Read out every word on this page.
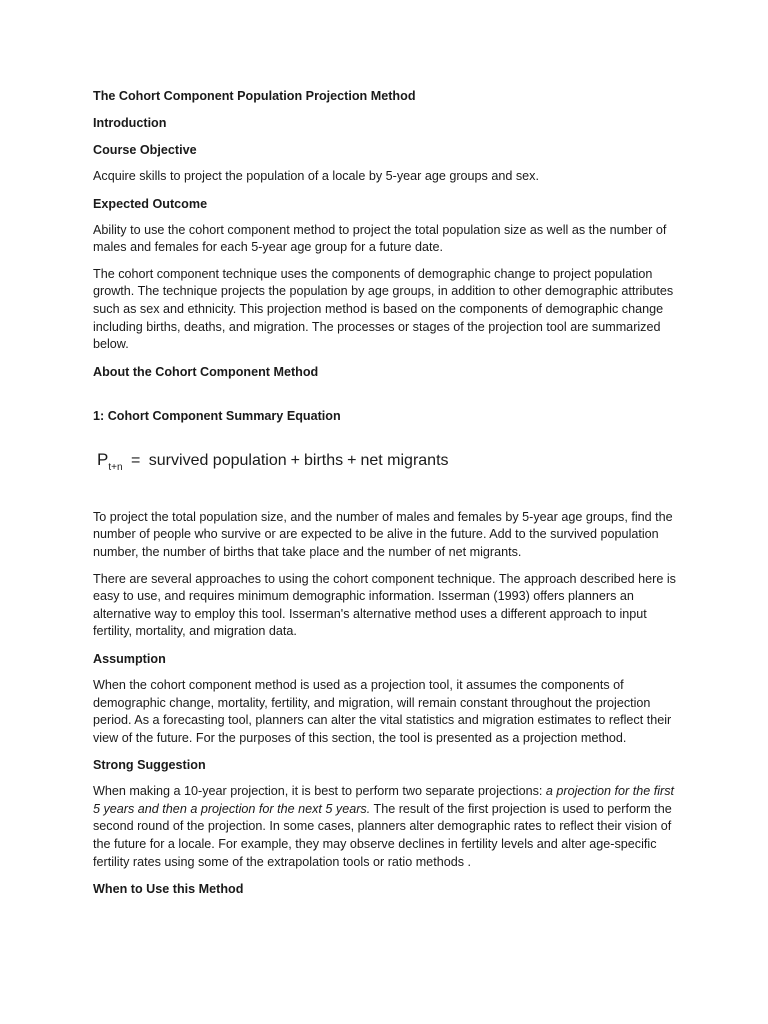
The Cohort Component Population Projection Method
Introduction
Course Objective
Acquire skills to project the population of a locale by 5-year age groups and sex.
Expected Outcome
Ability to use the cohort component method to project the total population size as well as the number of males and females for each 5-year age group for a future date.
The cohort component technique uses the components of demographic change to project population growth. The technique projects the population by age groups, in addition to other demographic attributes such as sex and ethnicity. This projection method is based on the components of demographic change including births, deaths, and migration. The processes or stages of the projection tool are summarized below.
About the Cohort Component Method
1: Cohort Component Summary Equation
$P_{t+n}$ = survived population + births + net migrants
To project the total population size, and the number of males and females by 5-year age groups, find the number of people who survive or are expected to be alive in the future. Add to the survived population number, the number of births that take place and the number of net migrants.
There are several approaches to using the cohort component technique. The approach described here is easy to use, and requires minimum demographic information. Isserman (1993) offers planners an alternative way to employ this tool. Isserman's alternative method uses a different approach to input fertility, mortality, and migration data.
Assumption
When the cohort component method is used as a projection tool, it assumes the components of demographic change, mortality, fertility, and migration, will remain constant throughout the projection period. As a forecasting tool, planners can alter the vital statistics and migration estimates to reflect their view of the future. For the purposes of this section, the tool is presented as a projection method.
Strong Suggestion
When making a 10-year projection, it is best to perform two separate projections: a projection for the first 5 years and then a projection for the next 5 years. The result of the first projection is used to perform the second round of the projection. In some cases, planners alter demographic rates to reflect their vision of the future for a locale. For example, they may observe declines in fertility levels and alter age-specific fertility rates using some of the extrapolation tools or ratio methods .
When to Use this Method
